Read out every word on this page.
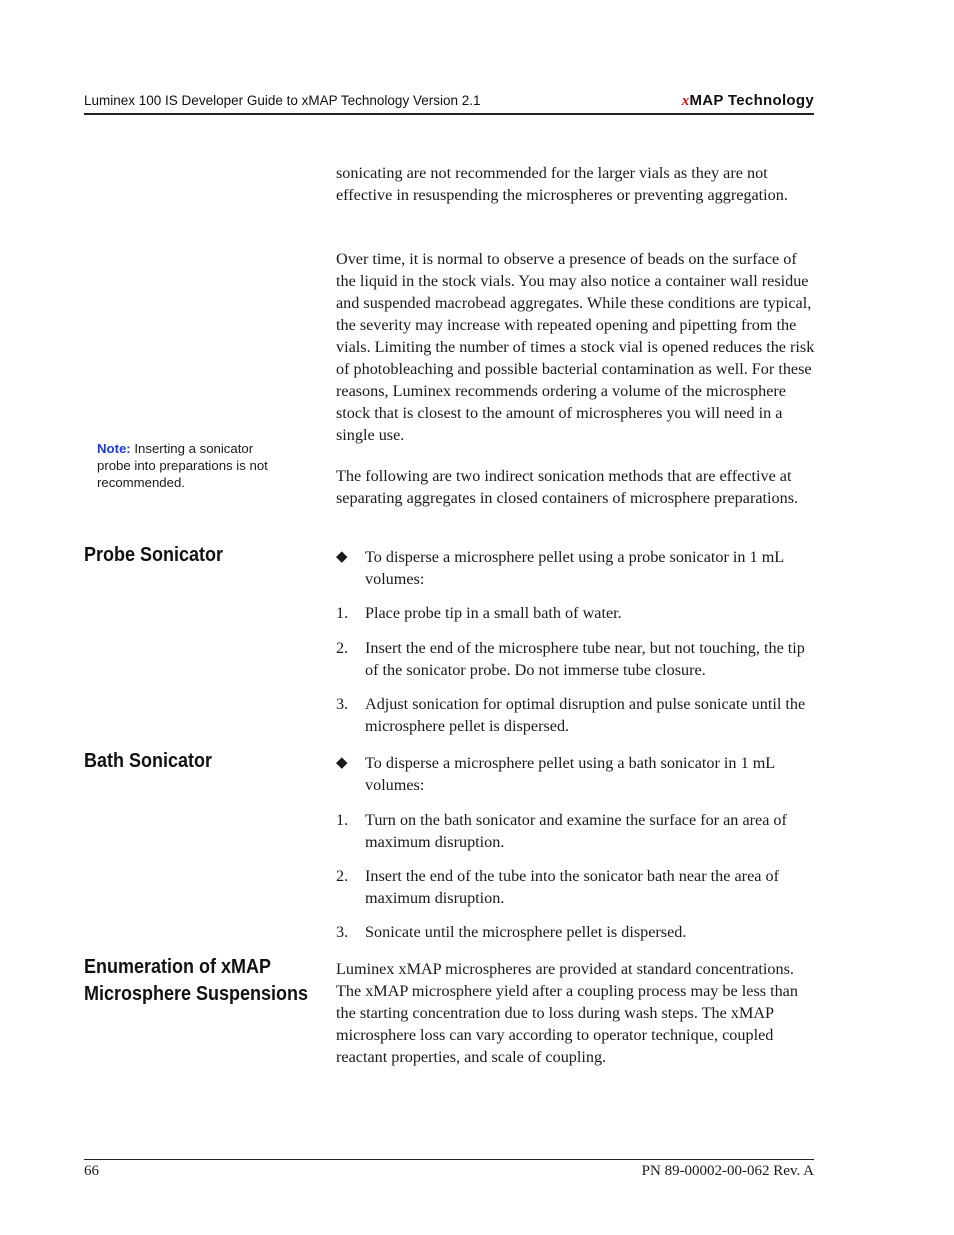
Luminex 100 IS Developer Guide to xMAP Technology Version 2.1	xMAP Technology

sonicating are not recommended for the larger vials as they are not effective in resuspending the microspheres or preventing aggregation.

Over time, it is normal to observe a presence of beads on the surface of the liquid in the stock vials. You may also notice a container wall residue and suspended macrobead aggregates. While these conditions are typical, the severity may increase with repeated opening and pipetting from the vials. Limiting the number of times a stock vial is opened reduces the risk of photobleaching and possible bacterial contamination as well. For these reasons, Luminex recommends ordering a volume of the microsphere stock that is closest to the amount of microspheres you will need in a single use.

The following are two indirect sonication methods that are effective at separating aggregates in closed containers of microsphere preparations.

Note: Inserting a sonicator probe into preparations is not recommended.
Probe Sonicator	◆	To disperse a microsphere pellet using a probe sonicator in 1 mL volumes:
1.	Place probe tip in a small bath of water.
2.	Insert the end of the microsphere tube near, but not touching, the tip of the sonicator probe. Do not immerse tube closure.
3.	Adjust sonication for optimal disruption and pulse sonicate until the microsphere pellet is dispersed.
Bath Sonicator	◆	To disperse a microsphere pellet using a bath sonicator in 1 mL volumes:
1.	Turn on the bath sonicator and examine the surface for an area of maximum disruption.
2.	Insert the end of the tube into the sonicator bath near the area of maximum disruption.
3.	Sonicate until the microsphere pellet is dispersed.
Enumeration of xMAP
Microsphere Suspensions

Luminex xMAP microspheres are provided at standard concentrations. The xMAP microsphere yield after a coupling process may be less than the starting concentration due to loss during wash steps. The xMAP microsphere loss can vary according to operator technique, coupled reactant properties, and scale of coupling.

66	PN 89-00002-00-062 Rev. A
